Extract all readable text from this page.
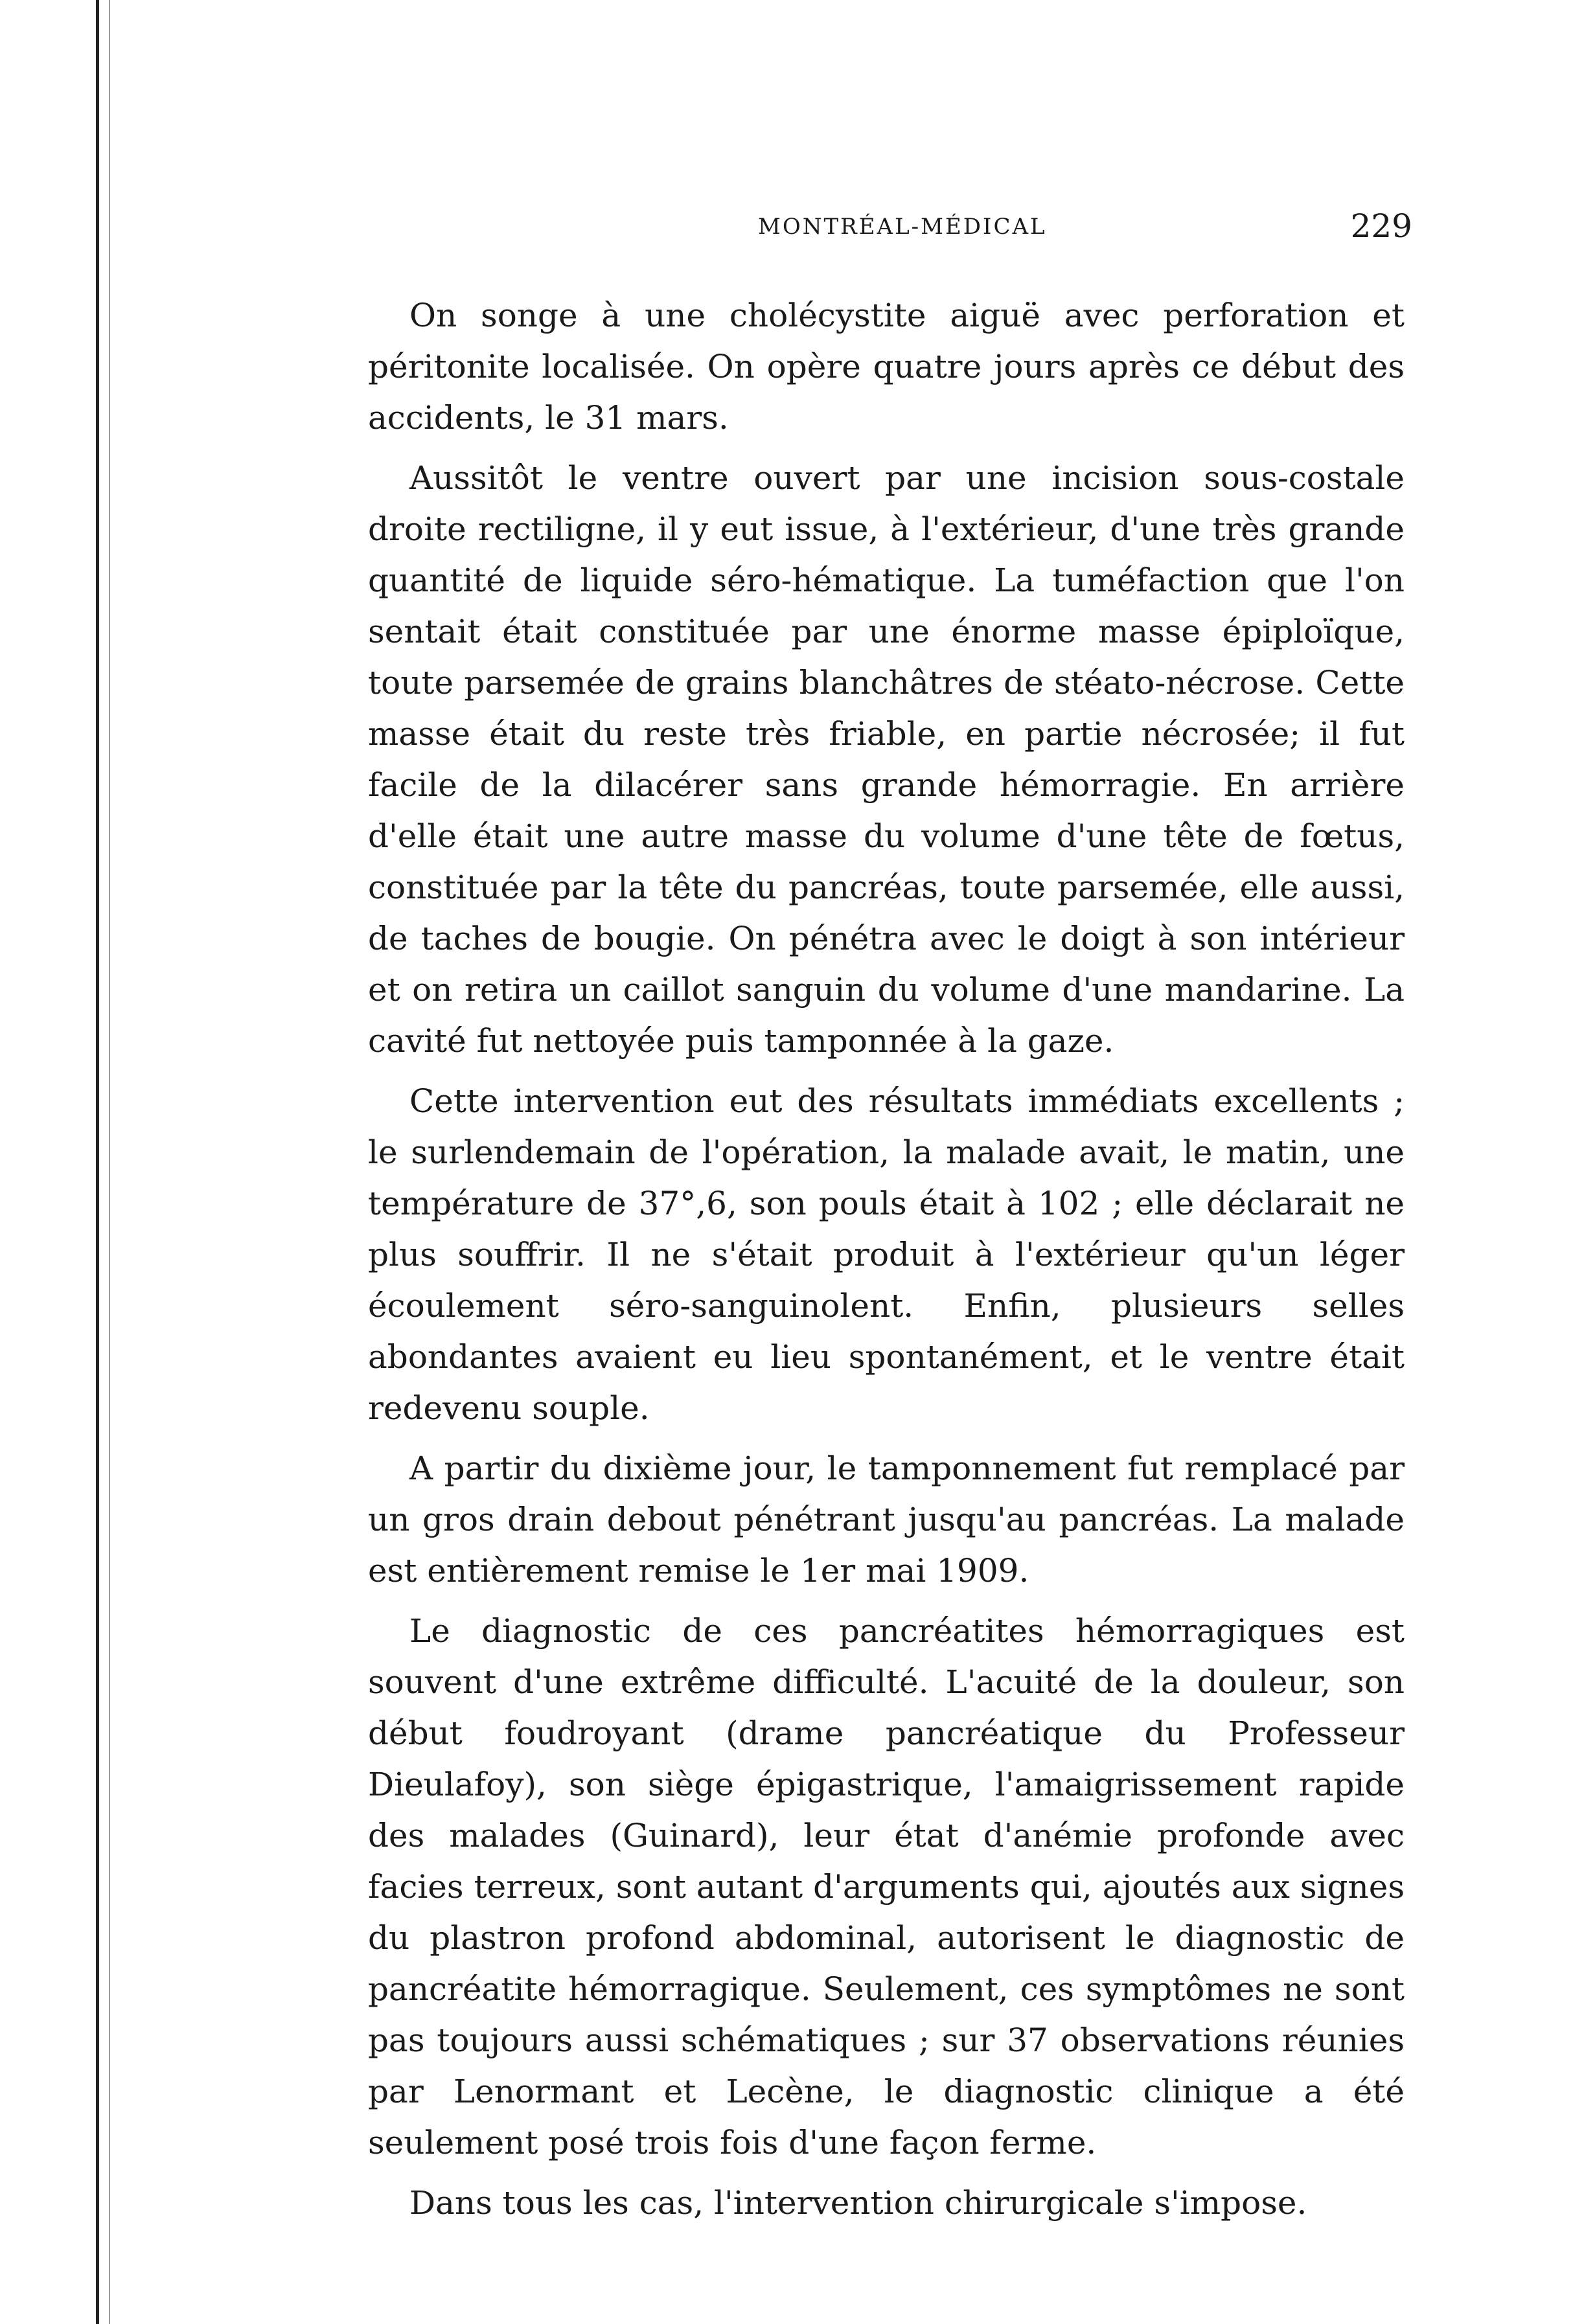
MONTRÉAL-MÉDICAL	229

On songe à une cholécystite aiguë avec perforation et péritonite localisée. On opère quatre jours après ce début des accidents, le 31 mars.

Aussitôt le ventre ouvert par une incision sous-costale droite rectiligne, il y eut issue, à l'extérieur, d'une très grande quantité de liquide séro-hématique. La tuméfaction que l'on sentait était constituée par une énorme masse épiploïque, toute parsemée de grains blanchâtres de stéato-nécrose. Cette masse était du reste très friable, en partie nécrosée; il fut facile de la dilacérer sans grande hémorragie. En arrière d'elle était une autre masse du volume d'une tête de fœtus, constituée par la tête du pancréas, toute parsemée, elle aussi, de taches de bougie. On pénétra avec le doigt à son intérieur et on retira un caillot sanguin du volume d'une mandarine. La cavité fut nettoyée puis tamponnée à la gaze.

Cette intervention eut des résultats immédiats excellents ; le surlendemain de l'opération, la malade avait, le matin, une température de 37°,6, son pouls était à 102 ; elle déclarait ne plus souffrir. Il ne s'était produit à l'extérieur qu'un léger écoulement séro-sanguinolent. Enfin, plusieurs selles abondantes avaient eu lieu spontanément, et le ventre était redevenu souple.

A partir du dixième jour, le tamponnement fut remplacé par un gros drain debout pénétrant jusqu'au pancréas. La malade est entièrement remise le 1er mai 1909.

Le diagnostic de ces pancréatites hémorragiques est souvent d'une extrême difficulté. L'acuité de la douleur, son début foudroyant (drame pancréatique du Professeur Dieulafoy), son siège épigastrique, l'amaigrissement rapide des malades (Guinard), leur état d'anémie profonde avec facies terreux, sont autant d'arguments qui, ajoutés aux signes du plastron profond abdominal, autorisent le diagnostic de pancréatite hémorragique. Seulement, ces symptômes ne sont pas toujours aussi schématiques ; sur 37 observations réunies par Lenormant et Lecène, le diagnostic clinique a été seulement posé trois fois d'une façon ferme.

Dans tous les cas, l'intervention chirurgicale s'impose.
